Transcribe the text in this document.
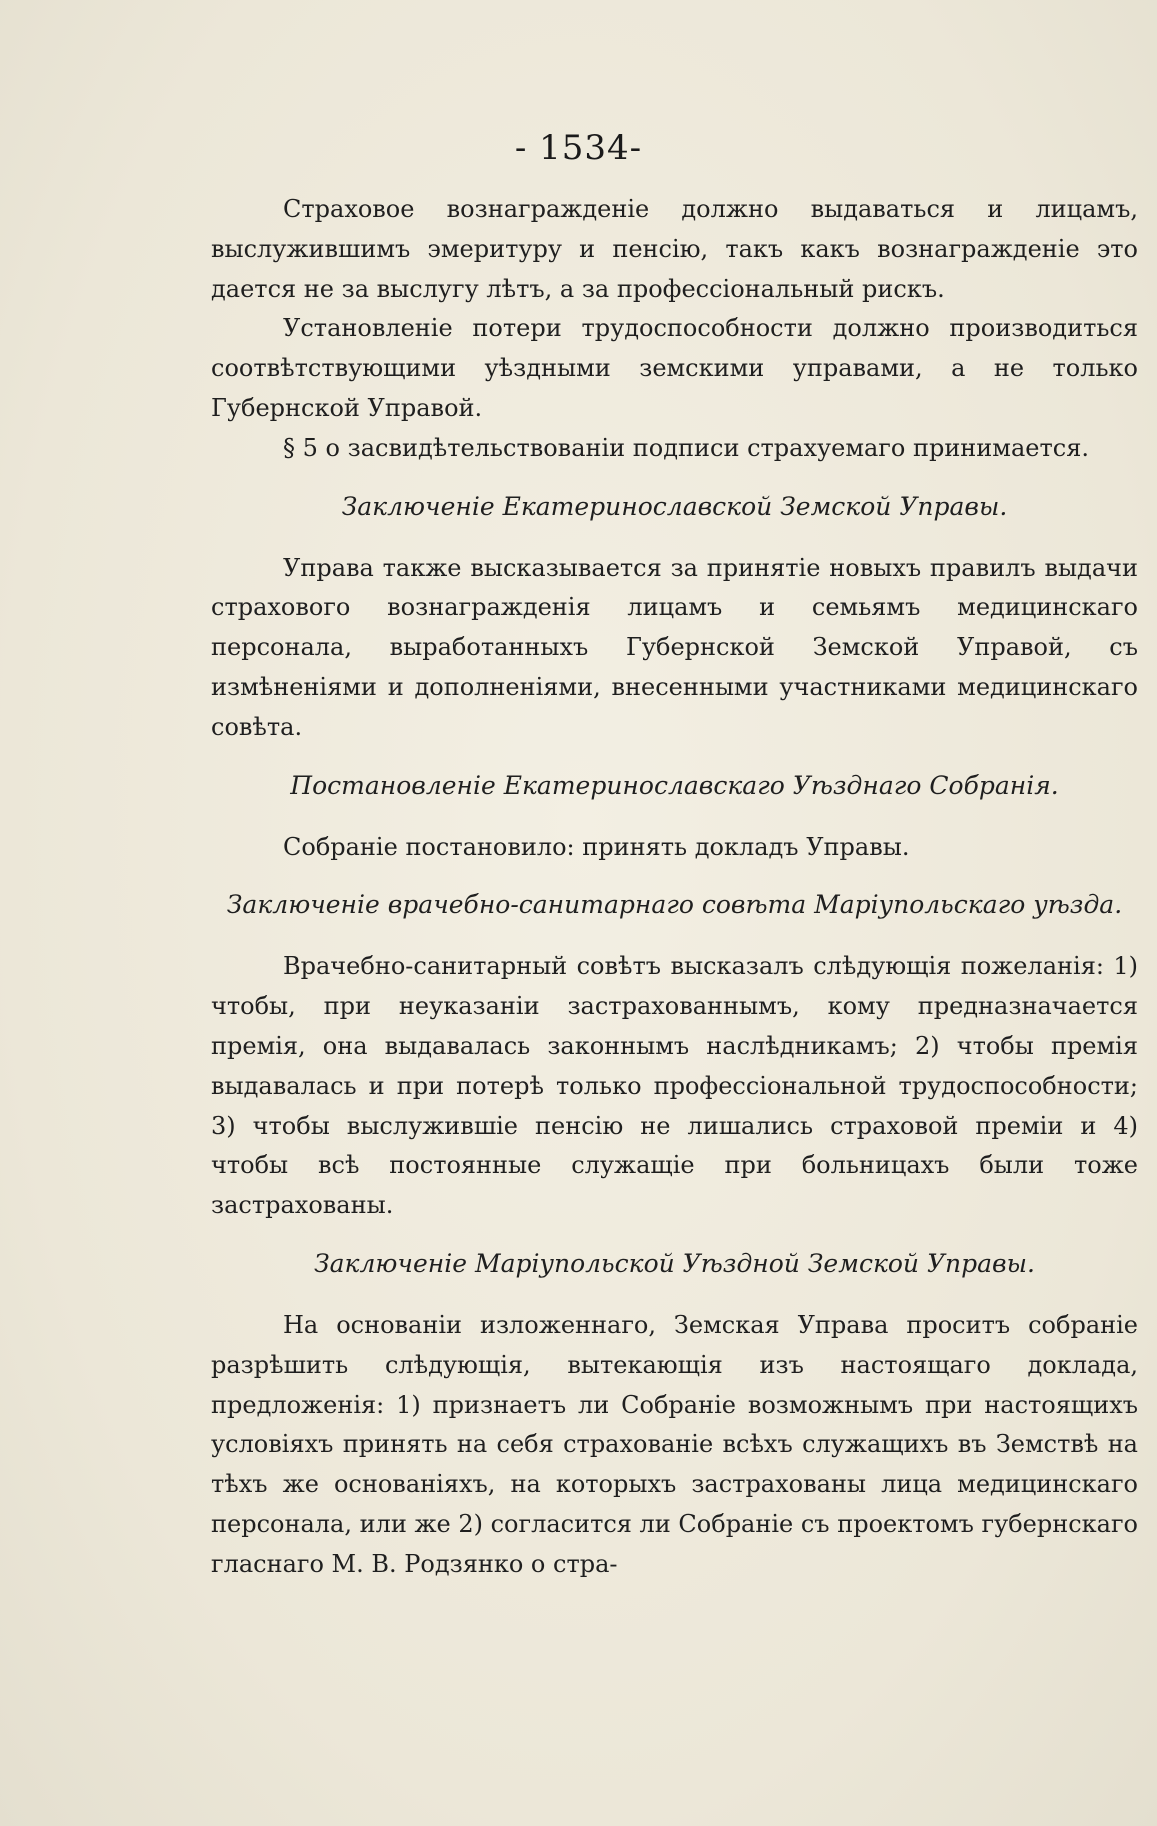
- 1534-

Страховое вознагражденіе должно выдаваться и лицамъ, выслужившимъ эмеритуру и пенсію, такъ какъ вознагражденіе это дается не за выслугу лѣтъ, а за профессіональный рискъ.

Установленіе потери трудоспособности должно производиться соотвѣтствующими уѣздными земскими управами, а не только Губернской Управой.

§ 5 о засвидѣтельствованіи подписи страхуемаго принимается.

Заключеніе Екатеринославской Земской Управы.

Управа также высказывается за принятіе новыхъ правилъ выдачи страхового вознагражденія лицамъ и семьямъ медицинскаго персонала, выработанныхъ Губернской Земской Управой, съ измѣненіями и дополненіями, внесенными участниками медицинскаго совѣта.

Постановленіе Екатеринославскаго Уѣзднаго Собранія.

Собраніе постановило: принять докладъ Управы.

Заключеніе врачебно-санитарнаго совѣта Маріупольскаго уѣзда.

Врачебно-санитарный совѣтъ высказалъ слѣдующія пожеланія: 1) чтобы, при неуказаніи застрахованнымъ, кому предназначается премія, она выдавалась законнымъ наслѣдникамъ; 2) чтобы премія выдавалась и при потерѣ только профессіональной трудоспособности; 3) чтобы выслужившіе пенсію не лишались страховой преміи и 4) чтобы всѣ постоянные служащіе при больницахъ были тоже застрахованы.

Заключеніе Маріупольской Уѣздной Земской Управы.

На основаніи изложеннаго, Земская Управа проситъ собраніе разрѣшить слѣдующія, вытекающія изъ настоящаго доклада, предложенія: 1) признаетъ ли Собраніе возможнымъ при настоящихъ условіяхъ принять на себя страхованіе всѣхъ служащихъ въ Земствѣ на тѣхъ же основаніяхъ, на которыхъ застрахованы лица медицинскаго персонала, или же 2) согласится ли Собраніе съ проектомъ губернскаго гласнаго М. В. Родзянко о стра-
